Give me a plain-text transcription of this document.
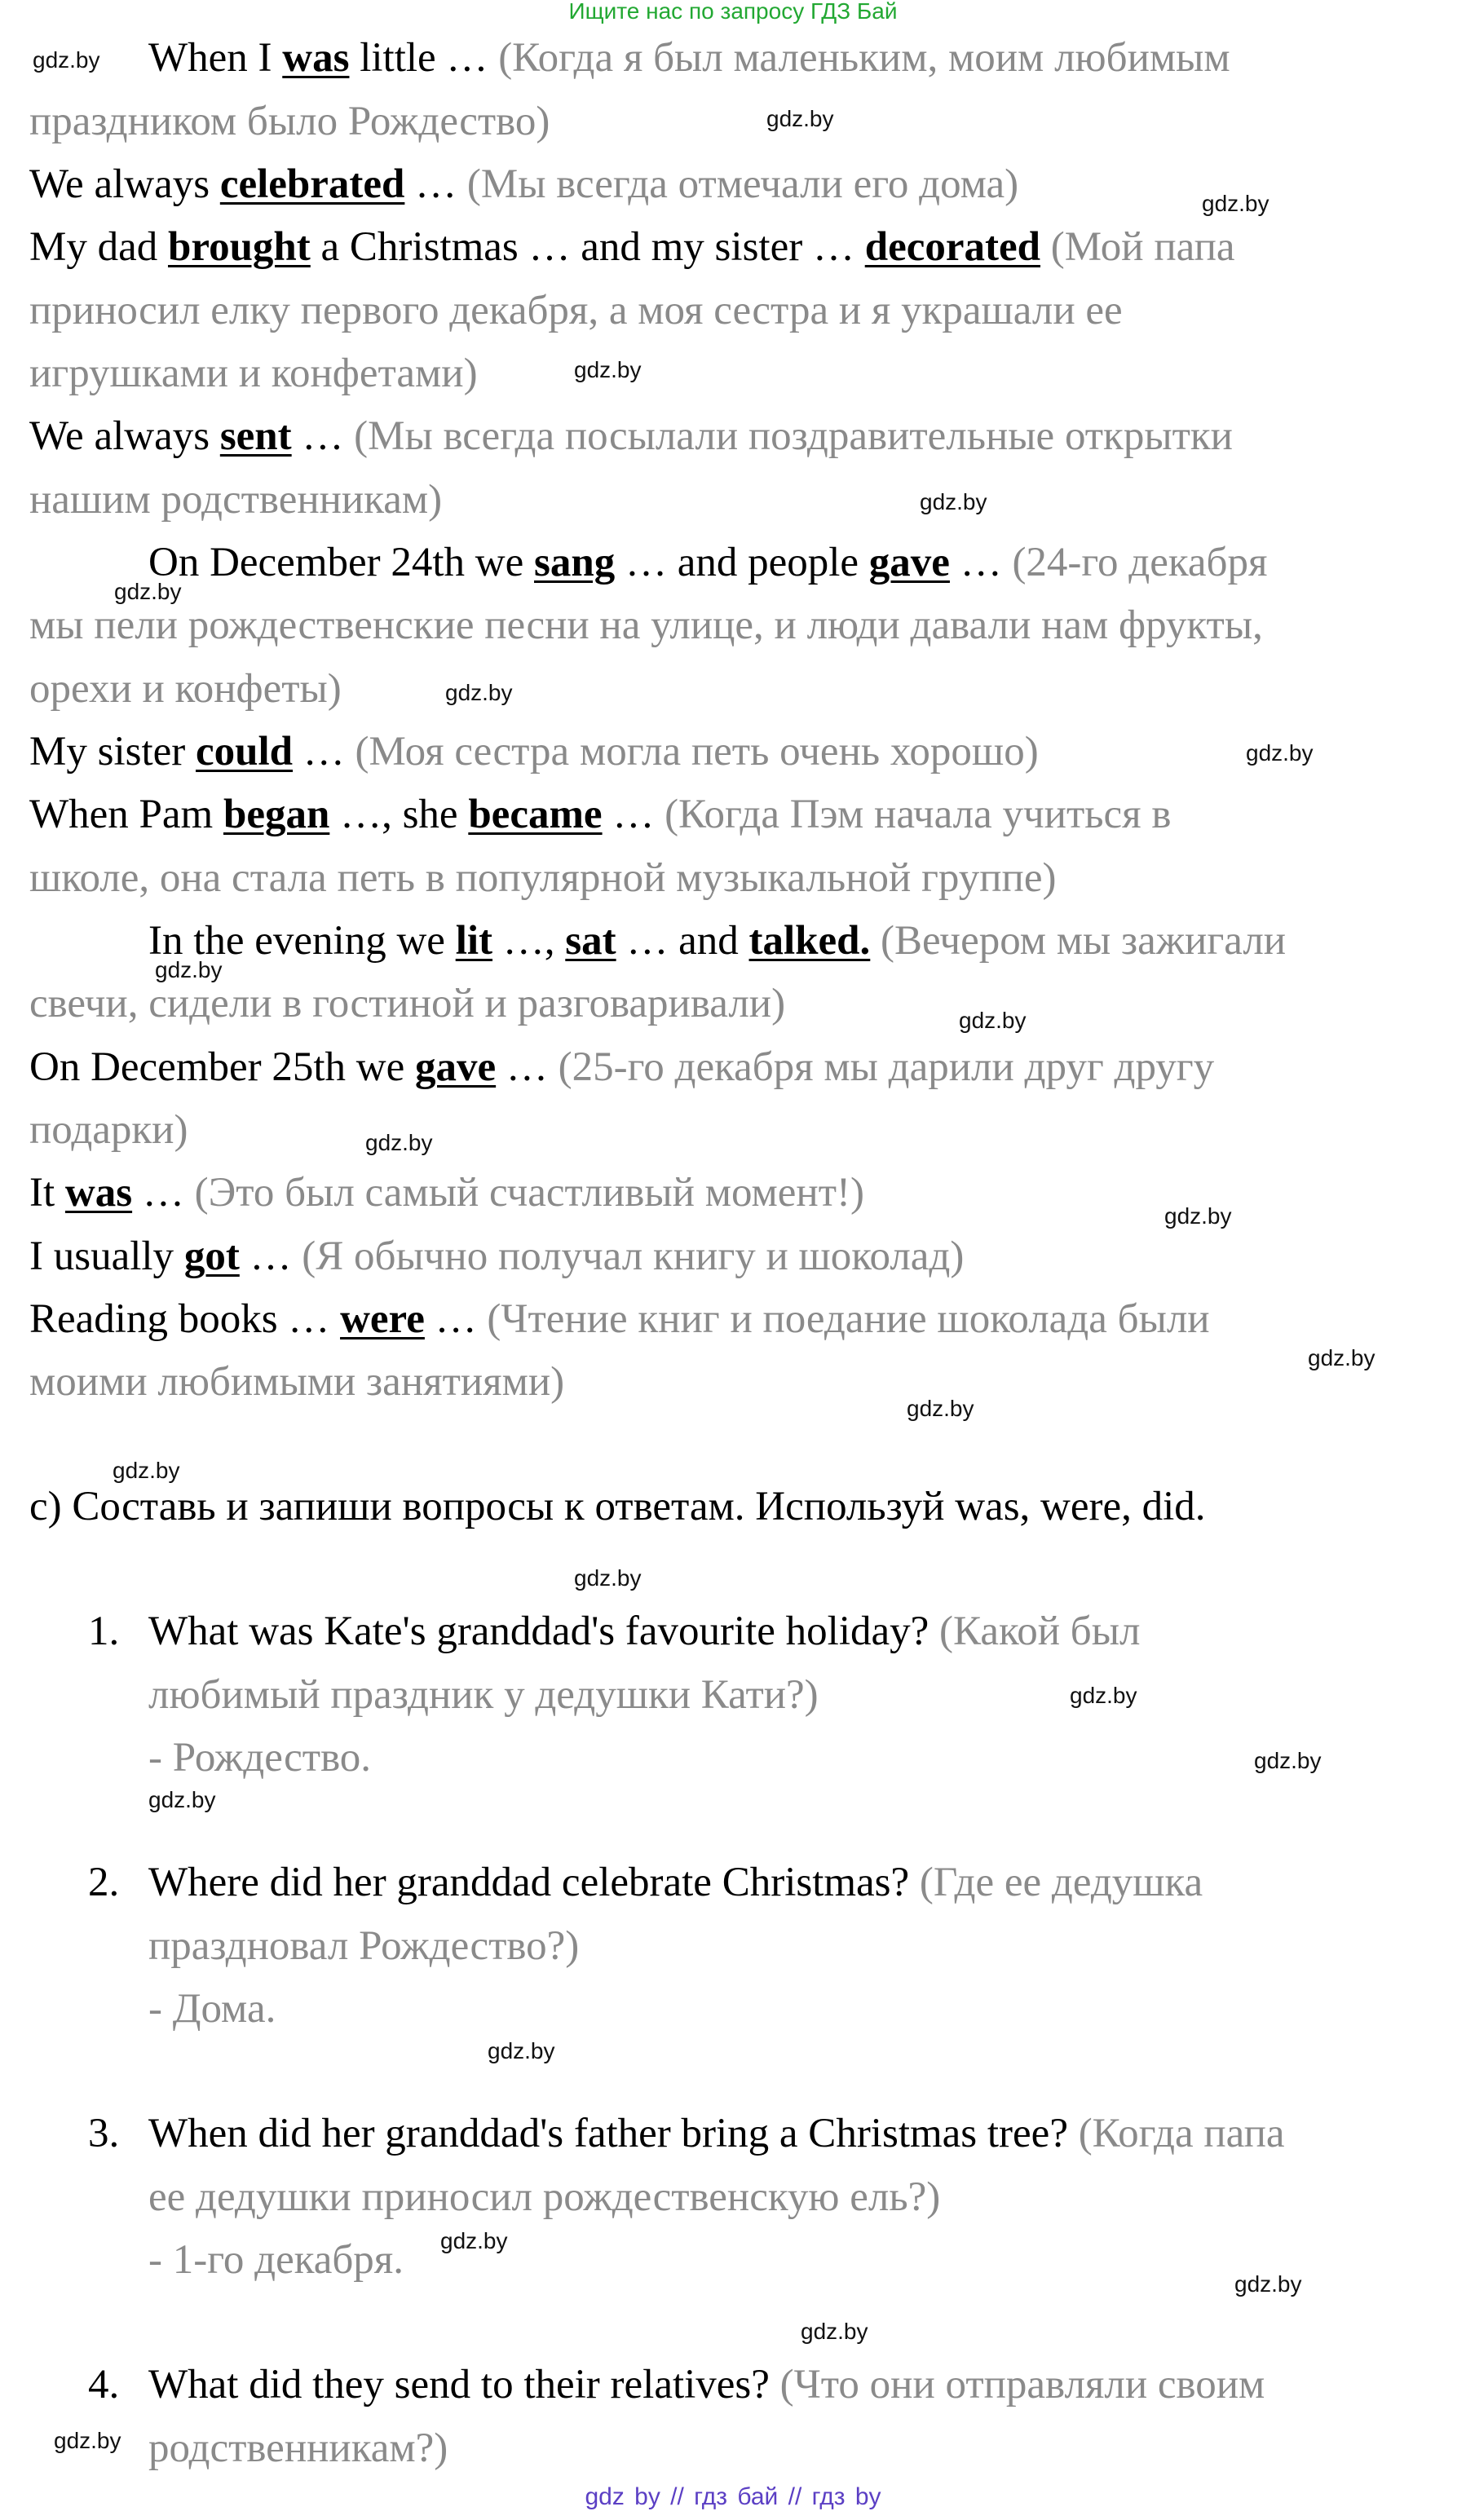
Ищите нас по запросу ГДЗ Бай
When I was little … (Когда я был маленьким, моим любимым
праздником было Рождество)
We always celebrated … (Мы всегда отмечали его дома)
My dad brought a Christmas … and my sister … decorated (Мой папа
приносил елку первого декабря, а моя сестра и я украшали ее
игрушками и конфетами)
We always sent … (Мы всегда посылали поздравительные открытки
нашим родственникам)
On December 24th we sang … and people gave … (24-го декабря
мы пели рождественские песни на улице, и люди давали нам фрукты,
орехи и конфеты)
My sister could … (Моя сестра могла петь очень хорошо)
When Pam began …, she became … (Когда Пэм начала учиться в
школе, она стала петь в популярной музыкальной группе)
In the evening we lit …, sat … and talked. (Вечером мы зажигали
свечи, сидели в гостиной и разговаривали)
On December 25th we gave … (25-го декабря мы дарили друг другу
подарки)
It was … (Это был самый счастливый момент!)
I usually got … (Я обычно получал книгу и шоколад)
Reading books … were … (Чтение книг и поедание шоколада были
моими любимыми занятиями)
c) Составь и запиши вопросы к ответам. Используй was, were, did.
1. What was Kate's granddad's favourite holiday? (Какой был
любимый праздник у дедушки Кати?)
- Рождество.
2. Where did her granddad celebrate Christmas? (Где ее дедушка
праздновал Рождество?)
- Дома.
3. When did her granddad's father bring a Christmas tree? (Когда папа
ее дедушки приносил рождественскую ель?)
- 1-го декабря.
4. What did they send to their relatives? (Что они отправляли своим
родственникам?)
gdz.by
gdz.by
gdz.by
gdz.by
gdz.by
gdz.by
gdz.by
gdz.by
gdz.by
gdz.by
gdz.by
gdz.by
gdz.by
gdz.by
gdz.by
gdz.by
gdz.by
gdz.by
gdz.by
gdz.by
gdz.by
gdz.by
gdz.by
gdz.by
gdz by // гдз бай // гдз by
